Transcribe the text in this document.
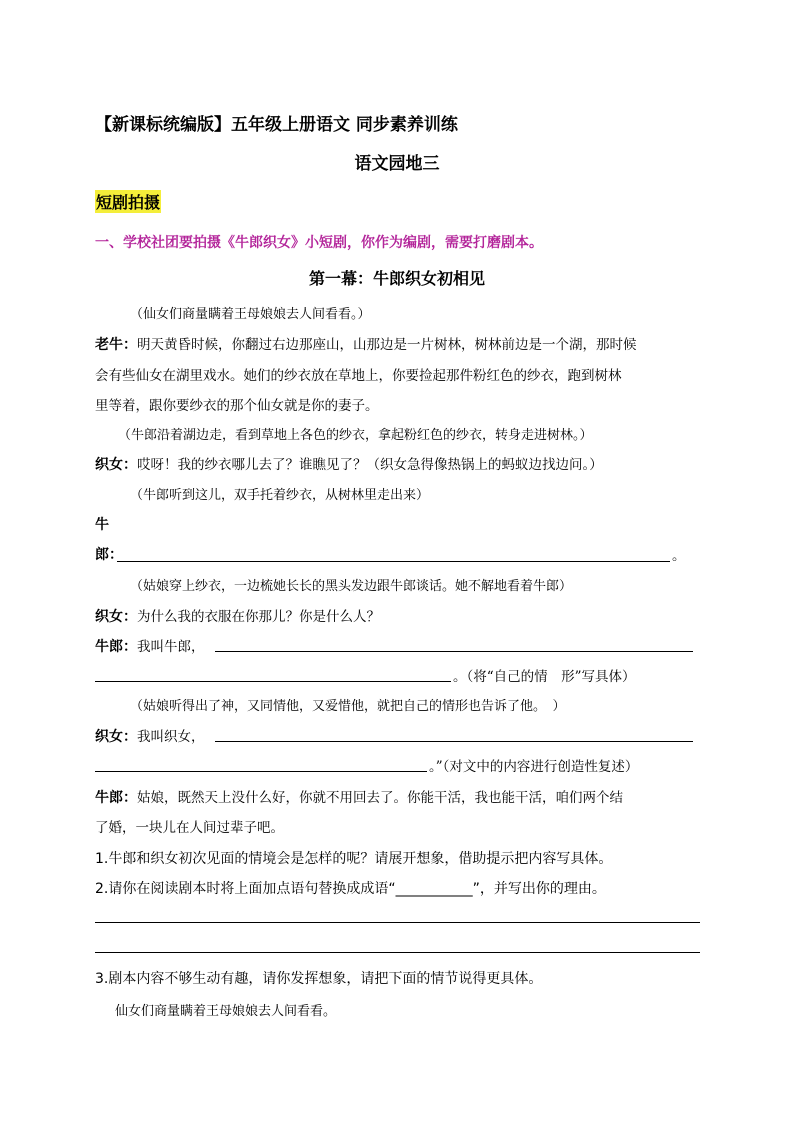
【新课标统编版】五年级上册语文 同步素养训练
语文园地三
短剧拍摄
一、学校社团要拍摄《牛郎织女》小短剧，你作为编剧，需要打磨剧本。
第一幕：牛郎织女初相见
（仙女们商量瞒着王母娘娘去人间看看。）
老牛：明天黄昏时候，你翻过右边那座山，山那边是一片树林，树林前边是一个湖，那时候
会有些仙女在湖里戏水。她们的纱衣放在草地上，你要捡起那件粉红色的纱衣，跑到树林
里等着，跟你要纱衣的那个仙女就是你的妻子。
（牛郎沿着湖边走，看到草地上各色的纱衣，拿起粉红色的纱衣，转身走进树林。）
织女：哎呀！我的纱衣哪儿去了？谁瞧见了？（织女急得像热锅上的蚂蚁边找边问。）
（牛郎听到这儿，双手托着纱衣，从树林里走出来）
牛
郎：	。
（姑娘穿上纱衣，一边梳她长长的黑头发边跟牛郎谈话。她不解地看着牛郎）
织女：为什么我的衣服在你那儿？你是什么人？
牛郎：我叫牛郎，
。（将“自己的情　形”写具体）
（姑娘听得出了神，又同情他，又爱惜他，就把自己的情形也告诉了他。　）
织女：我叫织女，
。”（对文中的内容进行创造性复述）
牛郎：姑娘，既然天上没什么好，你就不用回去了。你能干活，我也能干活，咱们两个结
了婚，一块儿在人间过辈子吧。
1.牛郎和织女初次见面的情境会是怎样的呢？请展开想象，借助提示把内容写具体。
2.请你在阅读剧本时将上面加点语句替换成成语“___________”，并写出你的理由。
3.剧本内容不够生动有趣，请你发挥想象，请把下面的情节说得更具体。
仙女们商量瞒着王母娘娘去人间看看。
